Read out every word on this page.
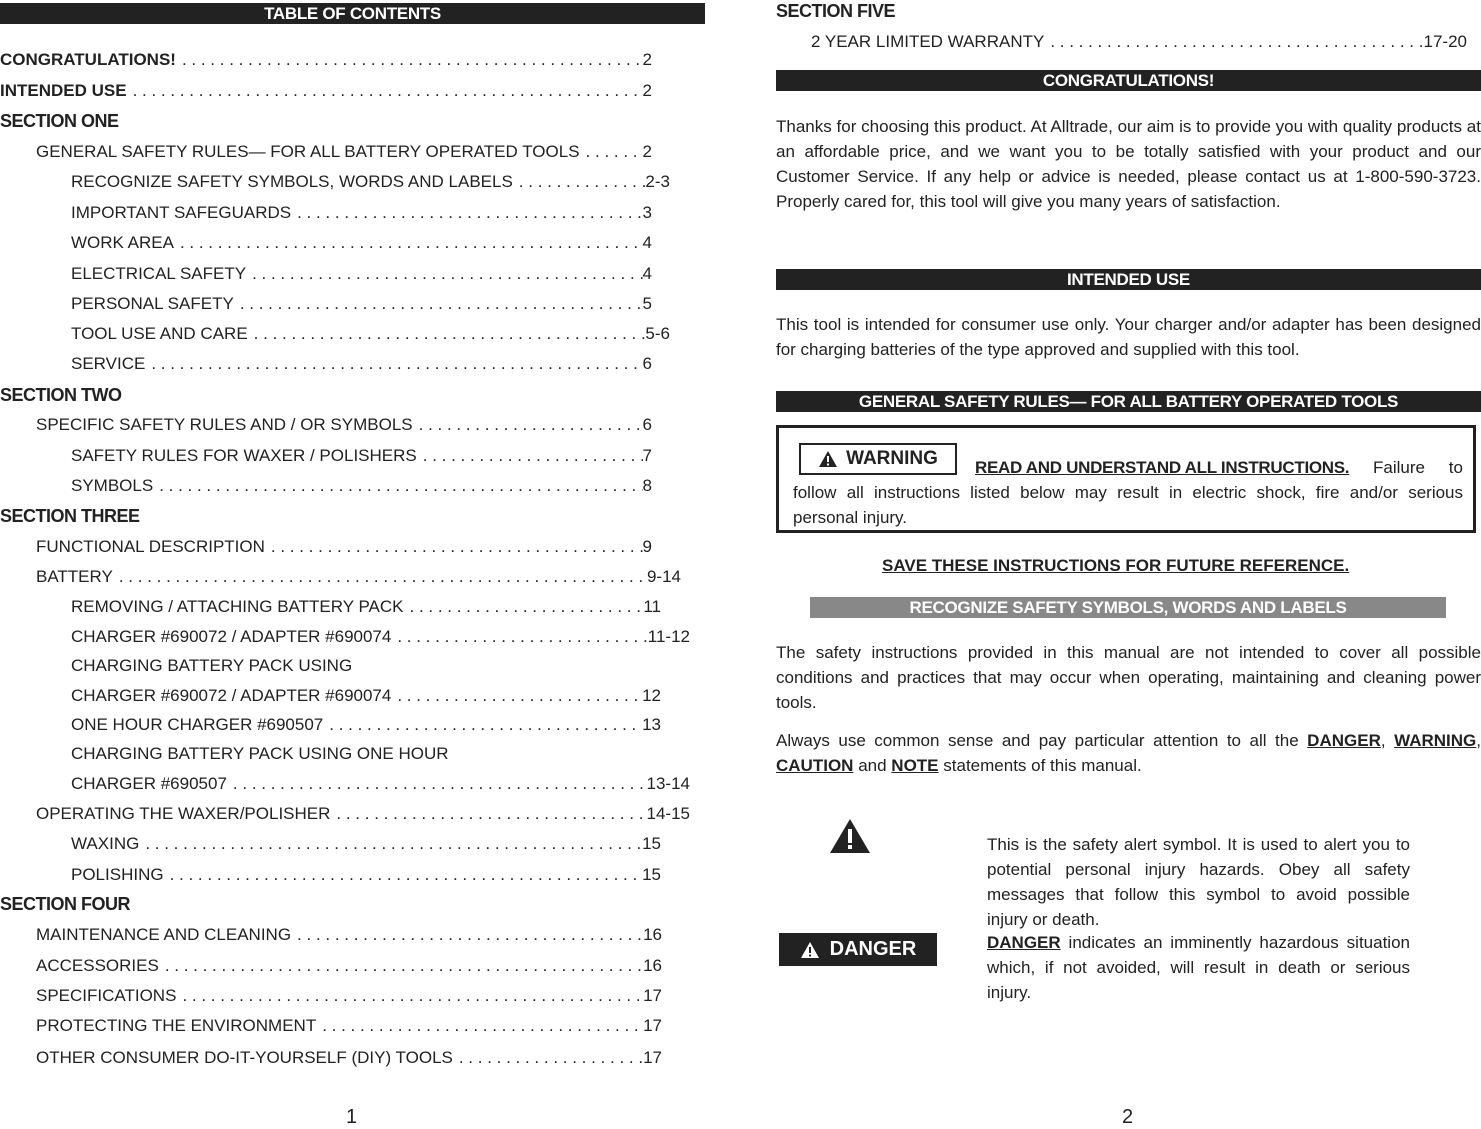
TABLE OF CONTENTS
CONGRATULATIONS! . . .	2
INTENDED USE . . .	2
SECTION ONE
GENERAL SAFETY RULES— FOR ALL BATTERY OPERATED TOOLS . . .	2
RECOGNIZE SAFETY SYMBOLS, WORDS AND LABELS . . .	2-3
IMPORTANT SAFEGUARDS . . .	3
WORK AREA . . .	4
ELECTRICAL SAFETY . . .	4
PERSONAL SAFETY . . .	5
TOOL USE AND CARE . . .	5-6
SERVICE . . .	6
SECTION TWO
SPECIFIC SAFETY RULES AND / OR SYMBOLS . . .	6
SAFETY RULES FOR WAXER / POLISHERS . . .	7
SYMBOLS . . .	8
SECTION THREE
FUNCTIONAL DESCRIPTION . . .	9
BATTERY . . .	9-14
REMOVING / ATTACHING BATTERY PACK . . .	11
CHARGER #690072 / ADAPTER #690074 . . .	11-12
CHARGING BATTERY PACK USING
CHARGER #690072 / ADAPTER #690074 . . .	12
ONE HOUR CHARGER #690507 . . .	13
CHARGING BATTERY PACK USING ONE HOUR
CHARGER #690507 . . .	13-14
OPERATING THE WAXER/POLISHER . . .	14-15
WAXING . . .	15
POLISHING . . .	15
SECTION FOUR
MAINTENANCE AND CLEANING . . .	16
ACCESSORIES . . .	16
SPECIFICATIONS . . .	17
PROTECTING THE ENVIRONMENT . . .	17
OTHER CONSUMER DO-IT-YOURSELF (DIY) TOOLS . . .	17
1
SECTION FIVE
2 YEAR LIMITED WARRANTY . . .	17-20
CONGRATULATIONS!
Thanks for choosing this product. At Alltrade, our aim is to provide you with quality products at an affordable price, and we want you to be totally satisfied with your product and our Customer Service. If any help or advice is needed, please contact us at 1-800-590-3723. Properly cared for, this tool will give you many years of satisfaction.
INTENDED USE
This tool is intended for consumer use only. Your charger and/or adapter has been designed for charging batteries of the type approved and supplied with this tool.
GENERAL SAFETY RULES— FOR ALL BATTERY OPERATED TOOLS
WARNING READ AND UNDERSTAND ALL INSTRUCTIONS.	Failure to follow all instructions listed below may result in electric shock, fire and/or serious personal injury.
SAVE THESE INSTRUCTIONS FOR FUTURE REFERENCE.
RECOGNIZE SAFETY SYMBOLS, WORDS AND LABELS
The safety instructions provided in this manual are not intended to cover all possible conditions and practices that may occur when operating, maintaining and cleaning power tools.
Always use common sense and pay particular attention to all the DANGER, WARNING, CAUTION and NOTE statements of this manual.
This is the safety alert symbol. It is used to alert you to potential personal injury hazards. Obey all safety messages that follow this symbol to avoid possible injury or death.
DANGER	DANGER indicates an imminently hazardous situation which, if not avoided, will result in death or serious injury.
2
